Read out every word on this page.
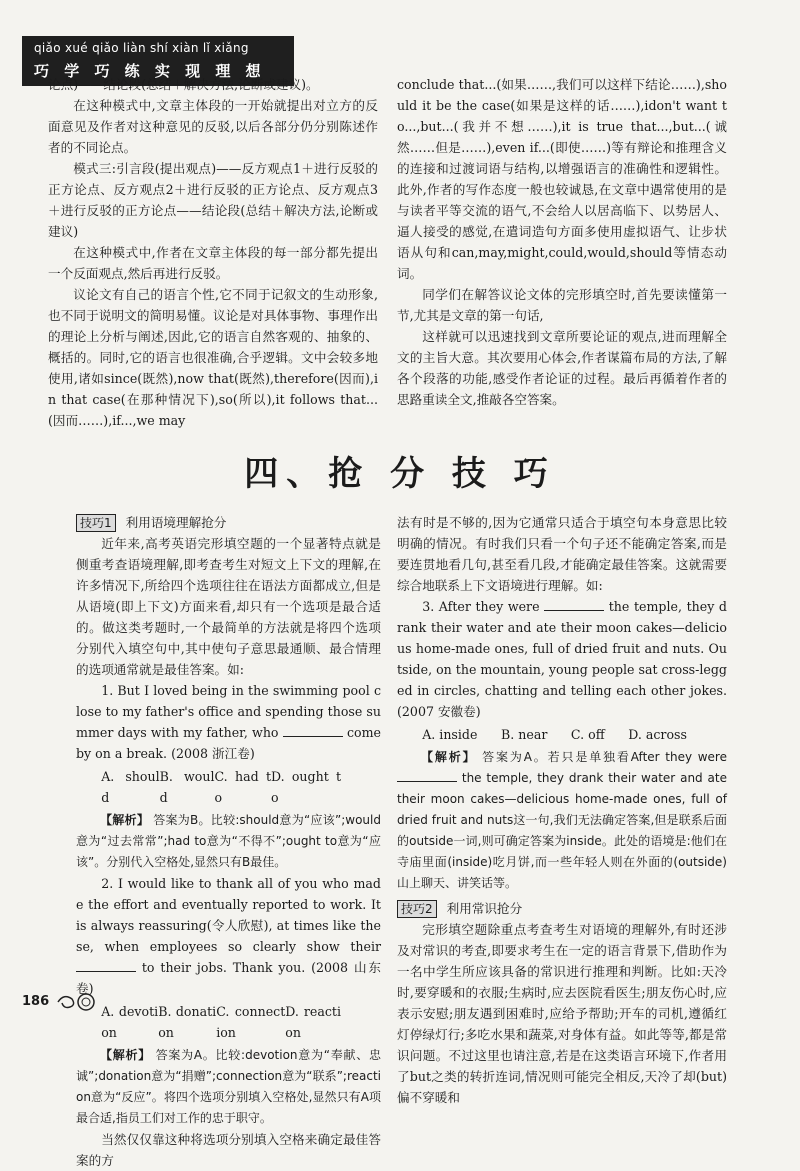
qiǎo xué qiǎo liàn shí xiàn lǐ xiǎng
巧 学 巧 练 实 现 理 想

论点)——结论段(总结＋解决方法,论断或建议)。

在这种模式中,文章主体段的一开始就提出对立方的反面意见及作者对这种意见的反驳,以后各部分仍分别陈述作者的不同论点。

模式三:引言段(提出观点)——反方观点1＋进行反驳的正方论点、反方观点2＋进行反驳的正方论点、反方观点3＋进行反驳的正方论点——结论段(总结＋解决方法,论断或建议)

在这种模式中,作者在文章主体段的每一部分都先提出一个反面观点,然后再进行反驳。

议论文有自己的语言个性,它不同于记叙文的生动形象,也不同于说明文的简明易懂。议论是对具体事物、事理作出的理论上分析与阐述,因此,它的语言自然客观的、抽象的、概括的。同时,它的语言也很准确,合乎逻辑。文中会较多地使用,诸如since(既然),now that(既然),therefore(因而),in that case(在那种情况下),so(所以),it follows that...(因而……),if...,we may

conclude that...(如果……,我们可以这样下结论……),should it be the case(如果是这样的话……),idon't want to...,but...(我并不想……),it is true that...,but...(诚然……但是……),even if...(即使……)等有辩论和推理含义的连接和过渡词语与结构,以增强语言的准确性和逻辑性。此外,作者的写作态度一般也较诚恳,在文章中遇常使用的是与读者平等交流的语气,不会给人以居高临下、以势居人、逼人接受的感觉,在遣词造句方面多使用虚拟语气、让步状语从句和can,may,might,could,would,should等情态动词。

同学们在解答议论文体的完形填空时,首先要读懂第一节,尤其是文章的第一句话,

这样就可以迅速找到文章所要论证的观点,进而理解全文的主旨大意。其次要用心体会,作者谋篇布局的方法,了解各个段落的功能,感受作者论证的过程。最后再循着作者的思路重读全文,推敲各空答案。

四、抢 分 技 巧

技巧1 利用语境理解抢分

近年来,高考英语完形填空题的一个显著特点就是侧重考查语境理解,即考查考生对短文上下文的理解,在许多情况下,所给四个选项往往在语法方面都成立,但是从语境(即上下文)方面来看,却只有一个选项是最合适的。做这类考题时,一个最简单的方法就是将四个选项分别代入填空句中,其中使句子意思最通顺、最合情理的选项通常就是最佳答案。如:

1. But I loved being in the swimming pool close to my father's office and spending those summer days with my father, who	come by on a break. (2008 浙江卷)

A. should
B. would
C. had to
D. ought to

【解析】 答案为B。比较:should意为“应该”;would意为“过去常常”;had to意为“不得不”;ought to意为“应该”。分别代入空格处,显然只有B最佳。

2. I would like to thank all of you who made the effort and eventually reported to work. It is always reassuring(令人欣慰), at times like these, when employees so clearly show their  to their jobs. Thank you. (2008 山东卷)

A. devotion
B. donation
C. connection
D. reaction

【解析】 答案为A。比较:devotion意为“奉献、忠诚”;donation意为“捐赠”;connection意为“联系”;reaction意为“反应”。将四个选项分别填入空格处,显然只有A项最合适,指员工们对工作的忠于职守。

当然仅仅靠这种将选项分别填入空格来确定最佳答案的方

法有时是不够的,因为它通常只适合于填空句本身意思比较明确的情况。有时我们只看一个句子还不能确定答案,而是要连贯地看几句,甚至看几段,才能确定最佳答案。这就需要综合地联系上下文语境进行理解。如:

3. After they were	the temple, they drank their water and ate their moon cakes—delicious home-made ones, full of dried fruit and nuts. Outside, on the mountain, young people sat cross-legged in circles, chatting and telling each other jokes. (2007 安徽卷)

A. inside B. near C. off D. across

【解析】 答案为A。若只是单独看After they were  the temple, they drank their water and ate their moon cakes—delicious home-made ones, full of dried fruit and nuts这一句,我们无法确定答案,但是联系后面的outside一词,则可确定答案为inside。此处的语境是:他们在寺庙里面(inside)吃月饼,而一些年轻人则在外面的(outside)山上聊天、讲笑话等。

技巧2 利用常识抢分

完形填空题除重点考查考生对语境的理解外,有时还涉及对常识的考查,即要求考生在一定的语言背景下,借助作为一名中学生所应该具备的常识进行推理和判断。比如:天冷时,要穿暖和的衣服;生病时,应去医院看医生;朋友伤心时,应表示安慰;朋友遇到困难时,应给予帮助;开车的司机,遵循红灯停绿灯行;多吃水果和蔬菜,对身体有益。如此等等,都是常识问题。不过这里也请注意,若是在这类语言环境下,作者用了but之类的转折连词,情况则可能完全相反,天冷了却(but)偏不穿暖和

186
